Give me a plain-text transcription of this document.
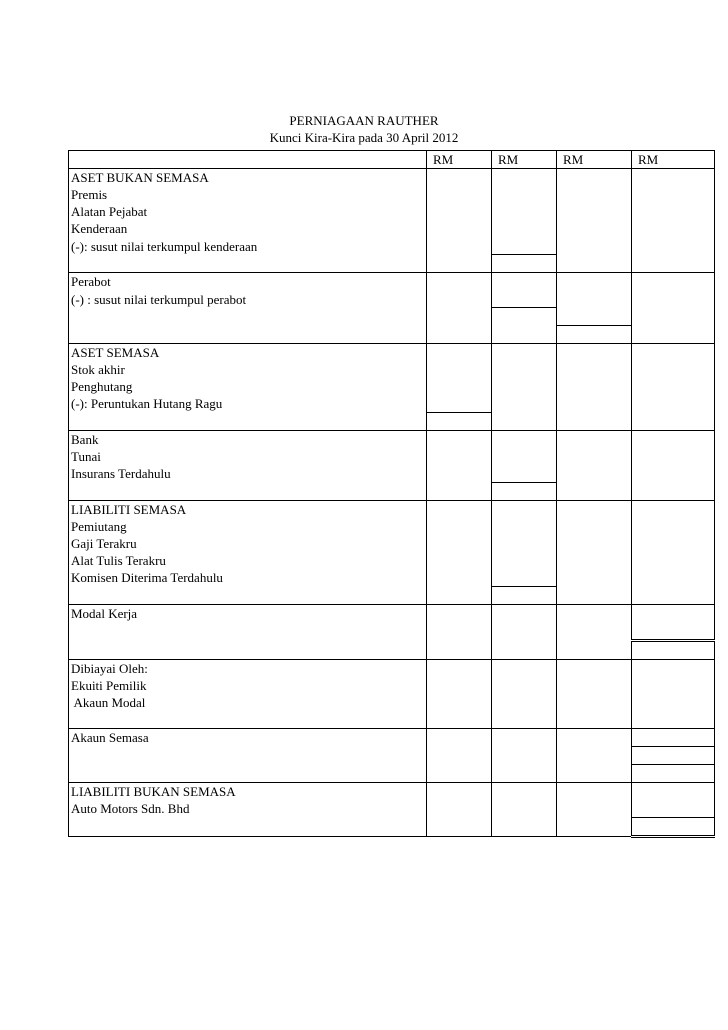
PERNIAGAAN RAUTHER
Kunci Kira-Kira pada 30 April 2012
	RM	RM	RM	RM
ASET BUKAN SEMASA				
Premis				
Alatan Pejabat				
Kenderaan				
(-): susut nilai terkumpul kenderaan				

Perabot				
(-) : susut nilai terkumpul perabot				

ASET SEMASA				
Stok akhir				
Penghutang				
(-): Peruntukan Hutang Ragu				

Bank				
Tunai				
Insurans Terdahulu				

LIABILITI SEMASA				
Pemiutang				
Gaji Terakru				
Alat Tulis Terakru				
Komisen Diterima Terdahulu				

Modal Kerja				

Dibiayai Oleh:				
Ekuiti Pemilik				
Akaun Modal				

Akaun Semasa				

LIABILITI BUKAN SEMASA				
Auto Motors Sdn. Bhd				
